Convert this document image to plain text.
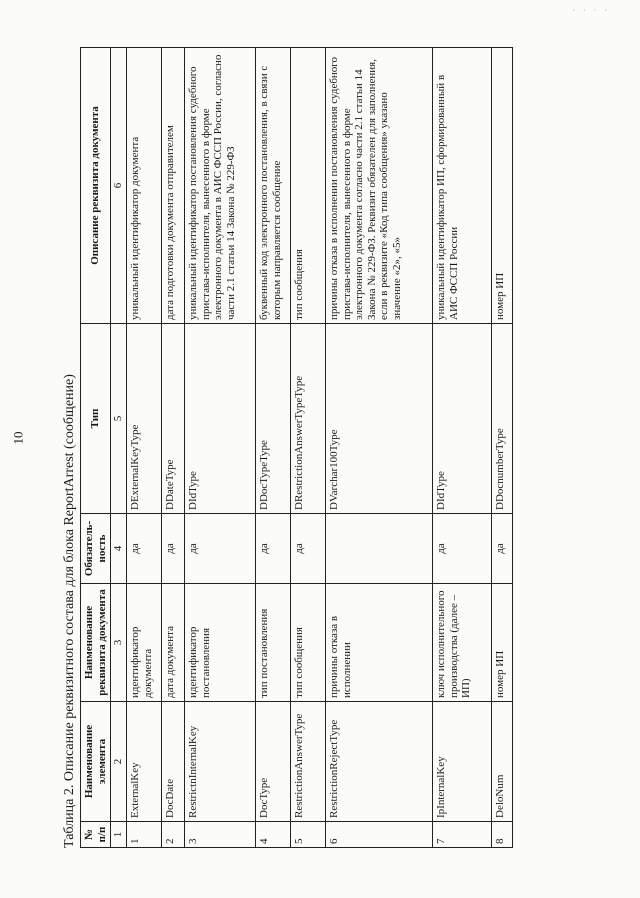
· · · ·
10	Таблица 2. Описание реквизитного состава для блока ReportArrest (сообщение) № п/п	Наименование элемента	Наименование реквизита документа	Обязатель-ность	Тип	Описание реквизита документа
1	2	3	4	5	6
1	ExternalKey	идентификатор документа	да	DExternalKeyType	уникальный идентификатор документа
2	DocDate	дата документа	да	DDateType	дата подготовки документа отправителем
3	RestrictnInternalKey	идентификатор постановления	да	DIdType	уникальный идентификатор постановления судебного пристава-исполнителя, вынесенного в форме электронного документа в АИС ФССП России, согласно части 2.1 статьи 14 Закона № 229-ФЗ
4	DocType	тип постановления	да	DDocTypeType	буквенный код электронного постановления, в связи с которым направляется сообщение
5	RestrictionAnswerType	тип сообщения	да	DRestrictionAnswerTypeType	тип сообщения
6	RestrictionRejectType	причины отказа в исполнении		DVarchar100Type	причины отказа в исполнении постановления судебного пристава-исполнителя, вынесенного в форме электронного документа согласно части 2.1 статьи 14 Закона № 229-ФЗ. Реквизит обязателен для заполнения, если в реквизите «Код типа сообщения» указано значение «2», «5»
7	IpInternalKey	ключ исполнительного производства (далее – ИП)	да	DIdType	уникальный идентификатор ИП, сформированный в АИС ФССП России
8	DeloNum	номер ИП	да	DDocnumberType	номер ИП
